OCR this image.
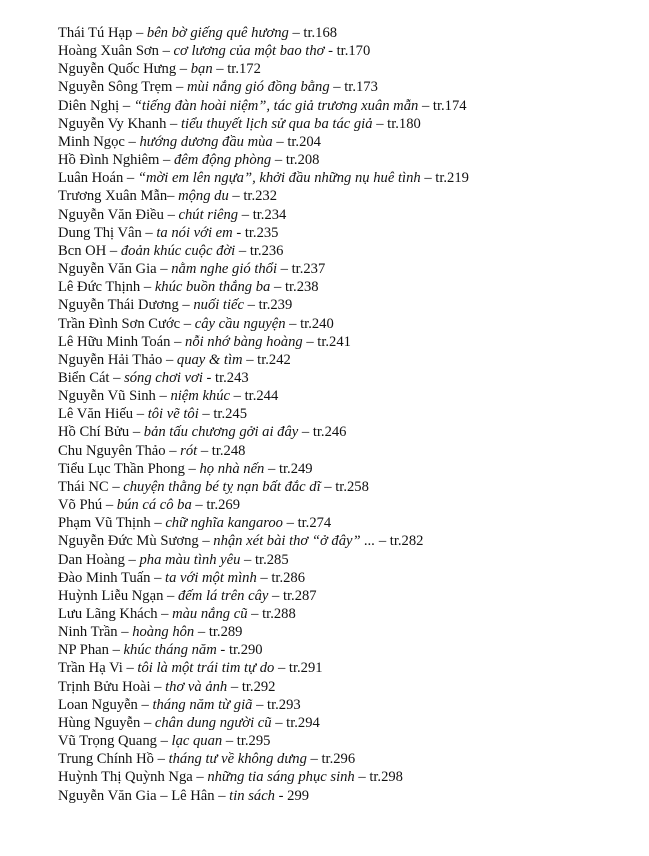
Thái Tú Hạp – bên bờ giếng quê hương – tr.168
Hoàng Xuân Sơn – cơ lương của một bao thơ - tr.170
Nguyễn Quốc Hưng – bạn – tr.172
Nguyễn Sông Trẹm – mùi nắng gió đồng bằng – tr.173
Diên Nghị – “tiếng đàn hoài niệm”, tác giả trương xuân mẫn – tr.174
Nguyễn Vy Khanh – tiểu thuyết lịch sử qua ba tác giả – tr.180
Minh Ngọc – hướng dương đầu mùa – tr.204
Hồ Đình Nghiêm – đêm động phòng – tr.208
Luân Hoán – “mời em lên ngựa”, khởi đầu những nụ huê tình – tr.219
Trương Xuân Mẫn– mộng du – tr.232
Nguyễn Văn Điều – chút riêng – tr.234
Dung Thị Vân – ta nói với em - tr.235
Bcn OH – đoản khúc cuộc đời – tr.236
Nguyễn Văn Gia – nằm nghe gió thổi – tr.237
Lê Đức Thịnh – khúc buồn thắng ba – tr.238
Nguyễn Thái Dương – nuối tiếc – tr.239
Trần Đình Sơn Cước – cây cầu nguyện – tr.240
Lê Hữu Minh Toán – nỗi nhớ bàng hoàng – tr.241
Nguyễn Hải Thảo – quay & tìm – tr.242
Biển Cát – sóng chơi vơi - tr.243
Nguyễn Vũ Sinh – niệm khúc – tr.244
Lê Văn Hiếu – tôi vẽ tôi – tr.245
Hồ Chí Bửu – bản tấu chương gởi ai đây – tr.246
Chu Nguyên Thảo – rót – tr.248
Tiểu Lục Thần Phong – họ nhà nến – tr.249
Thái NC – chuyện thằng bé tỵ nạn bất đắc dĩ – tr.258
Võ Phú – bún cá cô ba – tr.269
Phạm Vũ Thịnh – chữ nghĩa kangaroo – tr.274
Nguyễn Đức Mù Sương – nhận xét bài thơ “ở đây” ... – tr.282
Dan Hoàng – pha màu tình yêu – tr.285
Đào Minh Tuấn – ta với một mình – tr.286
Huỳnh Liễu Ngạn – đếm lá trên cây – tr.287
Lưu Lãng Khách – màu nắng cũ – tr.288
Ninh Trần – hoàng hôn – tr.289
NP Phan – khúc tháng năm - tr.290
Trần Hạ Vi – tôi là một trái tim tự do – tr.291
Trịnh Bửu Hoài – thơ và ảnh – tr.292
Loan Nguyễn – tháng năm từ giã – tr.293
Hùng Nguyễn – chân dung người cũ – tr.294
Vũ Trọng Quang – lạc quan – tr.295
Trung Chính Hồ – tháng tư về không dưng – tr.296
Huỳnh Thị Quỳnh Nga – những tia sáng phục sinh – tr.298
Nguyễn Văn Gia – Lê Hân – tin sách - 299
